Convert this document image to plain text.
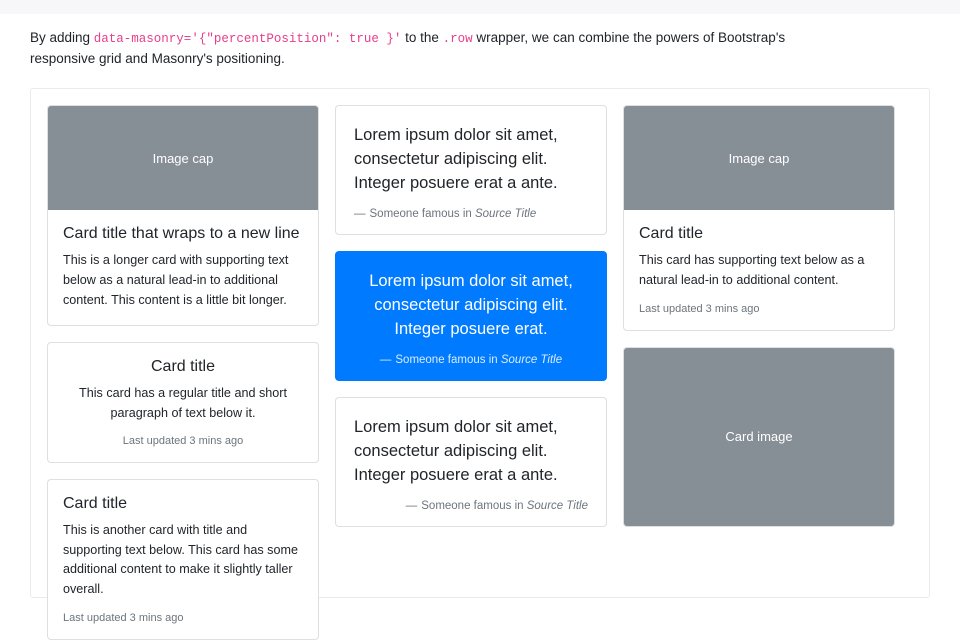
By adding data-masonry='{"percentPosition": true }' to the .row wrapper, we can combine the powers of Bootstrap's responsive grid and Masonry's positioning.
Image cap
Card title that wraps to a new line

This is a longer card with supporting text below as a natural lead-in to additional content. This content is a little bit longer.

Card title

This card has a regular title and short paragraph of text below it.

Last updated 3 mins ago
Card title

This is another card with title and supporting text below. This card has some additional content to make it slightly taller overall.

Last updated 3 mins ago

Lorem ipsum dolor sit amet, consectetur adipiscing elit. Integer posuere erat a ante.

— Someone famous in Source Title

Lorem ipsum dolor sit amet, consectetur adipiscing elit. Integer posuere erat.

— Someone famous in Source Title

Lorem ipsum dolor sit amet, consectetur adipiscing elit. Integer posuere erat a ante.

— Someone famous in Source Title
Image cap
Card title

This card has supporting text below as a natural lead-in to additional content.

Last updated 3 mins ago
Card image
